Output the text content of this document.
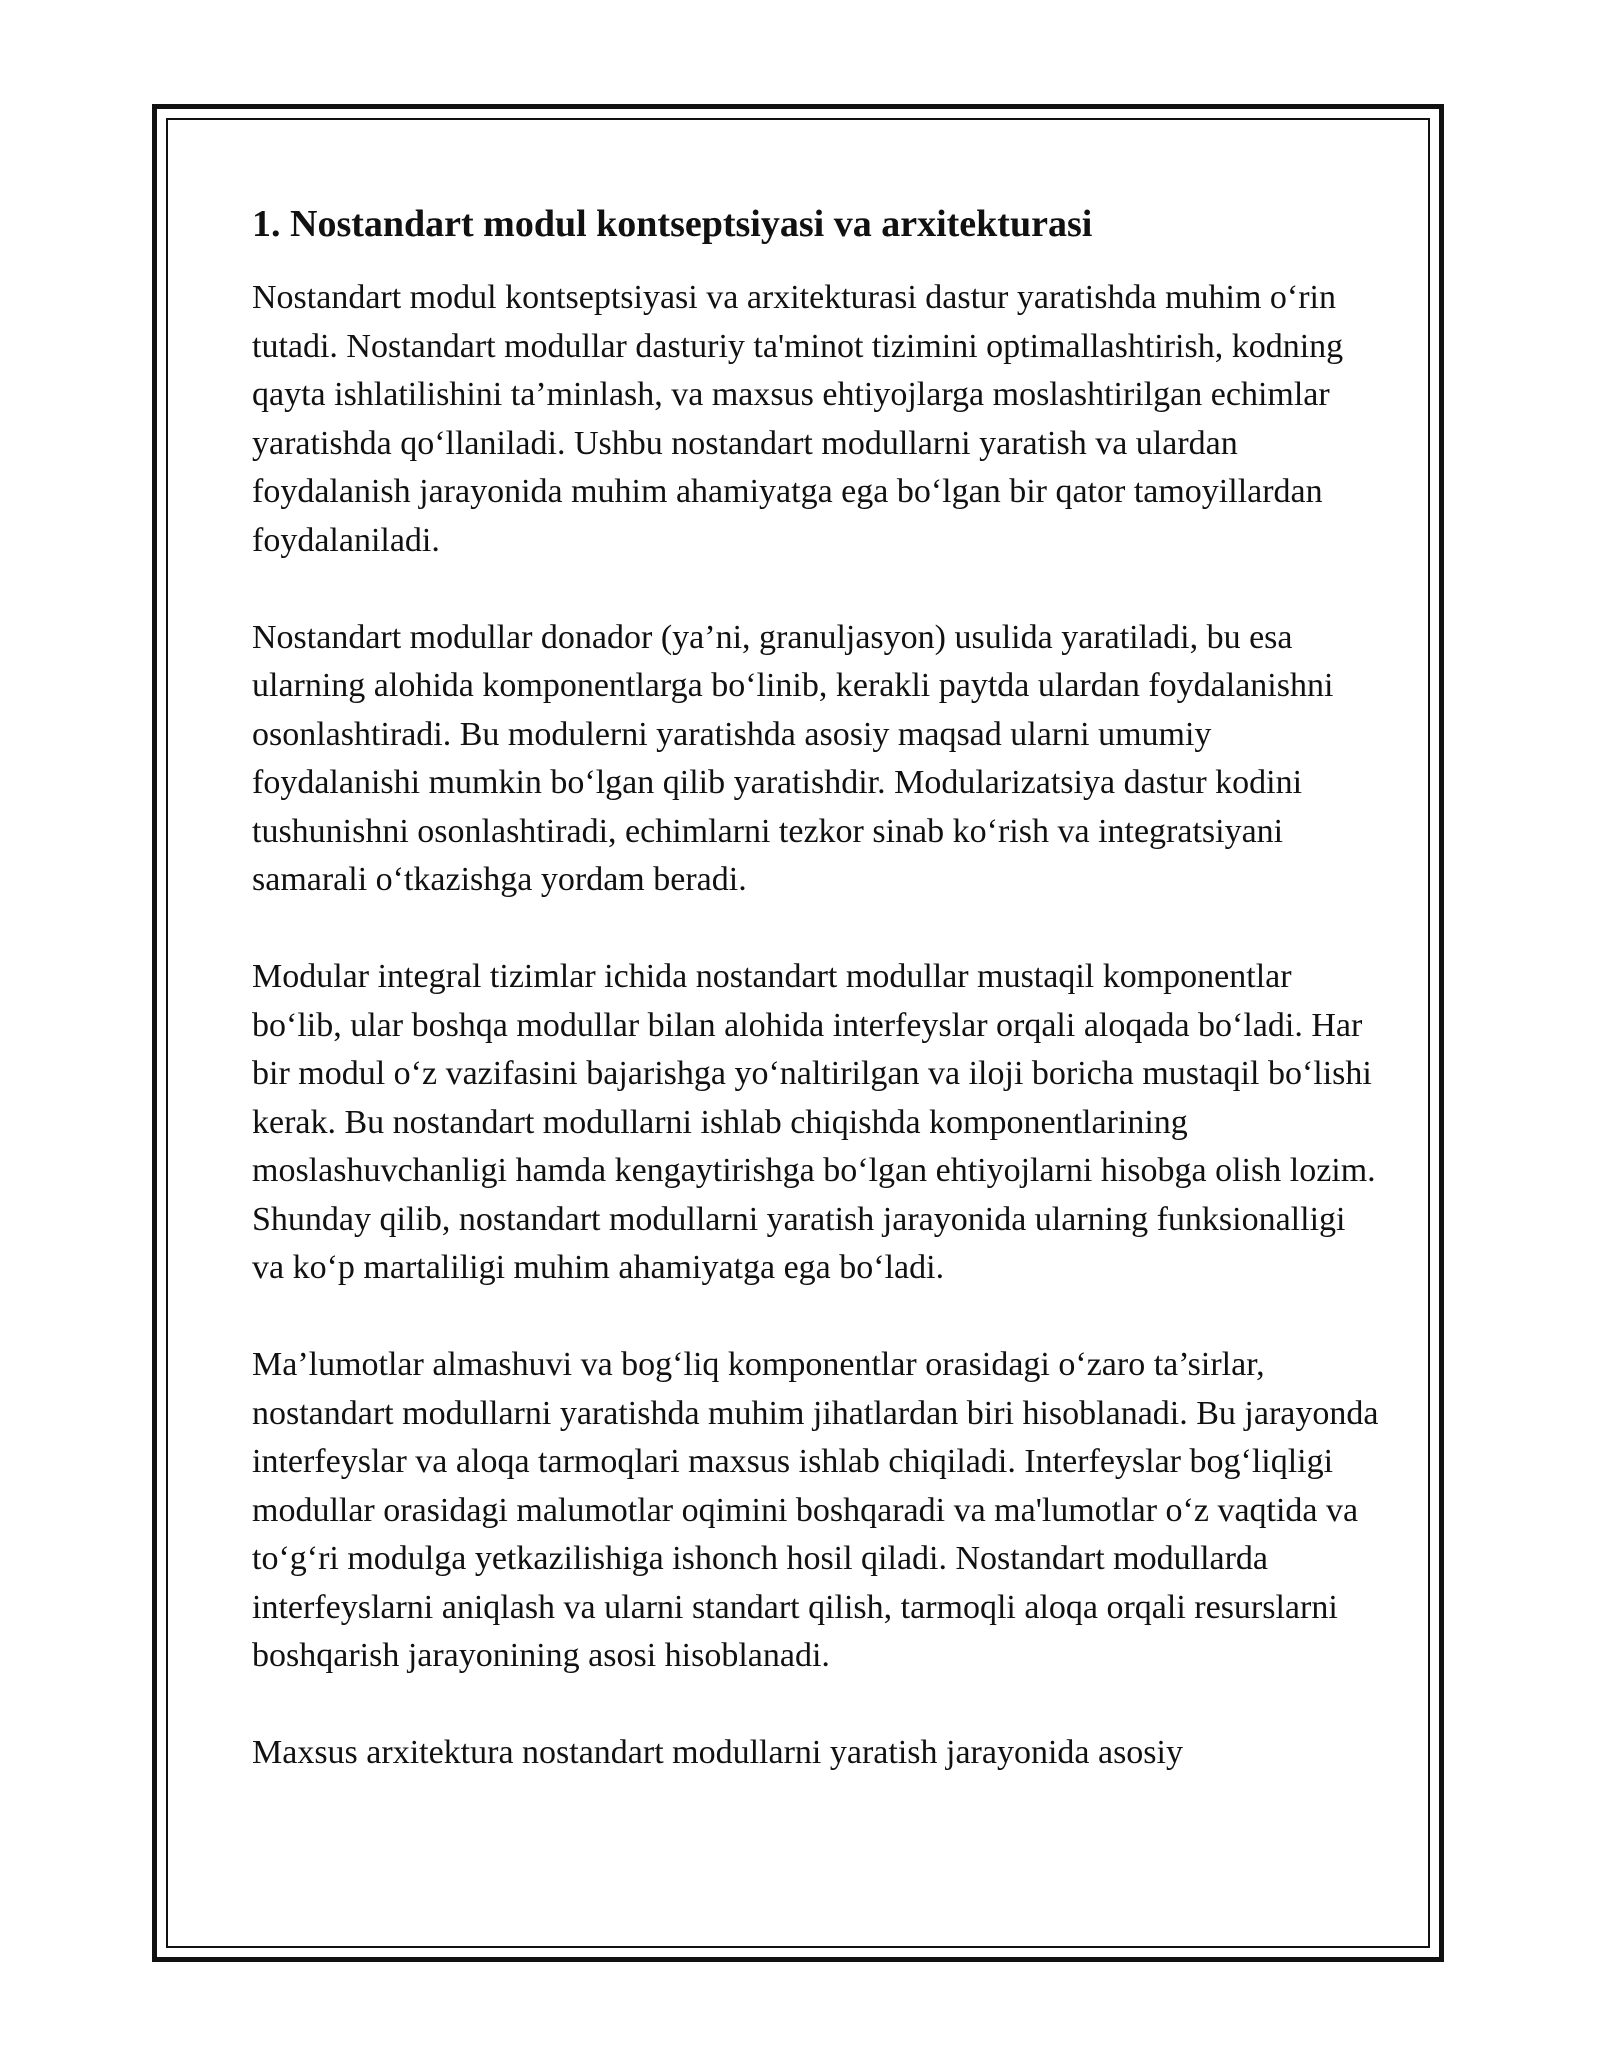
1. Nostandart modul kontseptsiyasi va arxitekturasi

Nostandart modul kontseptsiyasi va arxitekturasi dastur yaratishda muhim o‘rin tutadi. Nostandart modullar dasturiy ta'minot tizimini optimallashtirish, kodning qayta ishlatilishini ta’minlash, va maxsus ehtiyojlarga moslashtirilgan echimlar yaratishda qo‘llaniladi. Ushbu nostandart modullarni yaratish va ulardan foydalanish jarayonida muhim ahamiyatga ega bo‘lgan bir qator tamoyillardan foydalaniladi.

Nostandart modullar donador (ya’ni, granuljasyon) usulida yaratiladi, bu esa ularning alohida komponentlarga bo‘linib, kerakli paytda ulardan foydalanishni osonlashtiradi. Bu modulerni yaratishda asosiy maqsad ularni umumiy foydalanishi mumkin bo‘lgan qilib yaratishdir. Modularizatsiya dastur kodini tushunishni osonlashtiradi, echimlarni tezkor sinab ko‘rish va integratsiyani samarali o‘tkazishga yordam beradi.

Modular integral tizimlar ichida nostandart modullar mustaqil komponentlar bo‘lib, ular boshqa modullar bilan alohida interfeyslar orqali aloqada bo‘ladi. Har bir modul o‘z vazifasini bajarishga yo‘naltirilgan va iloji boricha mustaqil bo‘lishi kerak. Bu nostandart modullarni ishlab chiqishda komponentlarining moslashuvchanligi hamda kengaytirishga bo‘lgan ehtiyojlarni hisobga olish lozim. Shunday qilib, nostandart modullarni yaratish jarayonida ularning funksionalligi va ko‘p martaliligi muhim ahamiyatga ega bo‘ladi.

Ma’lumotlar almashuvi va bog‘liq komponentlar orasidagi o‘zaro ta’sirlar, nostandart modullarni yaratishda muhim jihatlardan biri hisoblanadi. Bu jarayonda interfeyslar va aloqa tarmoqlari maxsus ishlab chiqiladi. Interfeyslar bog‘liqligi modullar orasidagi malumotlar oqimini boshqaradi va ma'lumotlar o‘z vaqtida va to‘g‘ri modulga yetkazilishiga ishonch hosil qiladi. Nostandart modullarda interfeyslarni aniqlash va ularni standart qilish, tarmoqli aloqa orqali resurslarni boshqarish jarayonining asosi hisoblanadi.

Maxsus arxitektura nostandart modullarni yaratish jarayonida asosiy
